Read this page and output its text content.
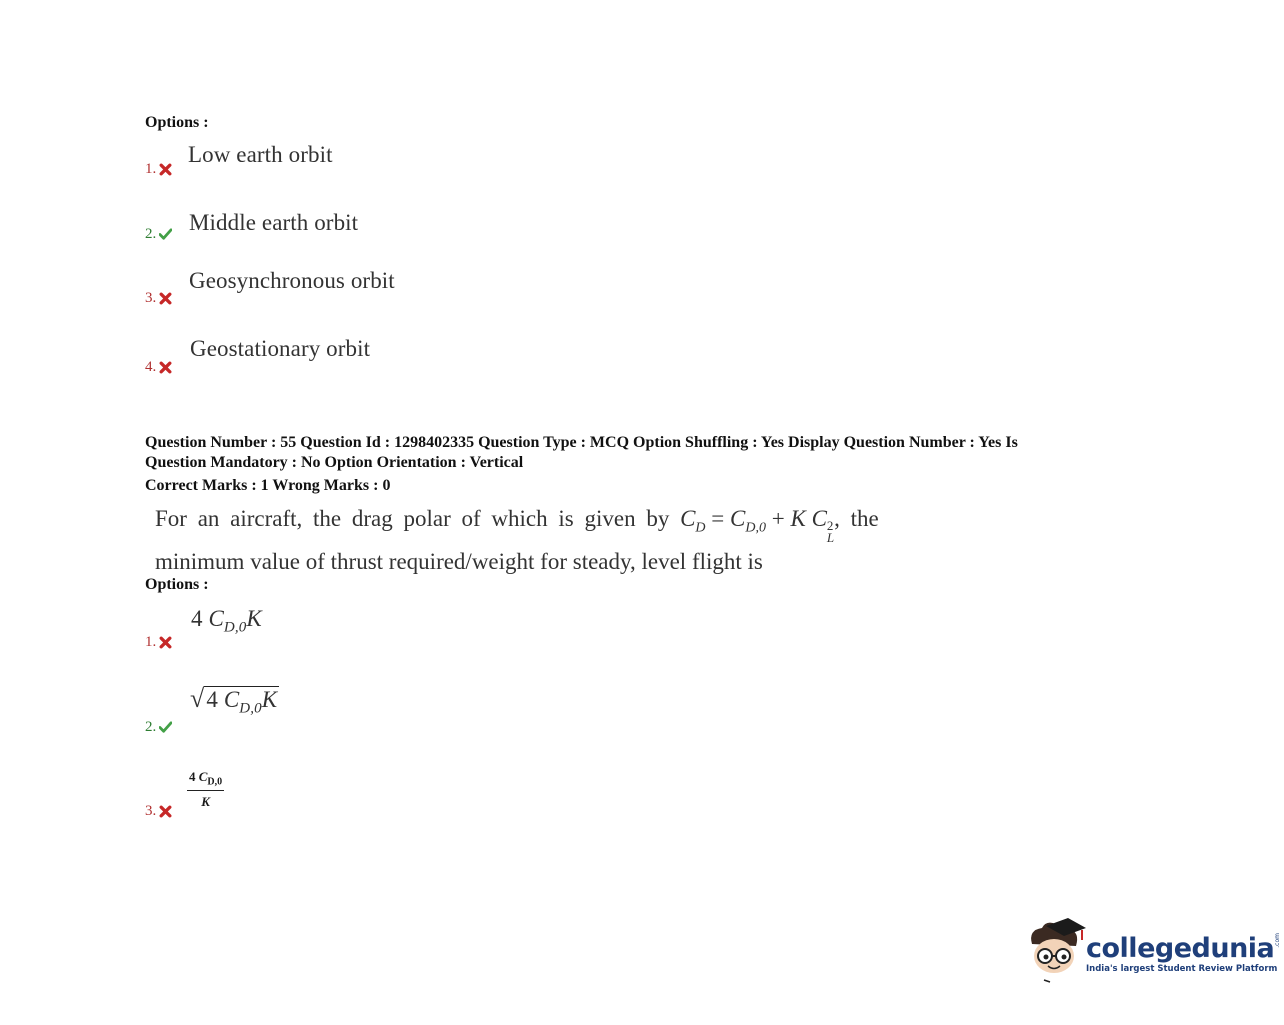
Options :
1.
Low earth orbit
2. Middle earth orbit
3.
Geosynchronous orbit
4.
Geostationary orbit
Question Number : 55 Question Id : 1298402335 Question Type : MCQ Option Shuffling : Yes Display Question Number : Yes Is
Question Mandatory : No Option Orientation : Vertical
Correct Marks : 1 Wrong Marks : 0
For an aircraft, the drag polar of which is given by $C_D = C_{D,0} + K$ C 2
L
, the
minimum value of thrust required/weight for steady, level flight is
Options :
1.
4 $C_{D,0}K$
2.
√ 4 $C_{D,0}K$
3.
$\frac{4 C_{D,0}}{K}$
collegedunia .com
India's largest Student Review Platform
